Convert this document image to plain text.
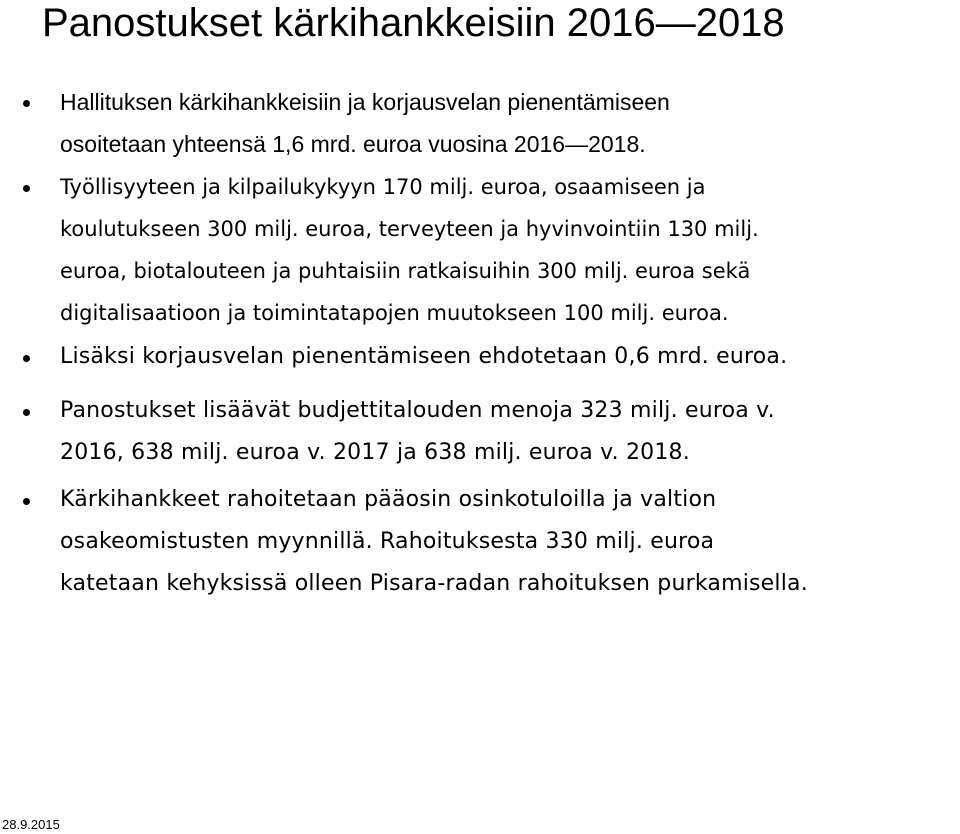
Panostukset kärkihankkeisiin 2016—2018
Hallituksen kärkihankkeisiin ja korjausvelan pienentämiseen
osoitetaan yhteensä 1,6 mrd. euroa vuosina 2016—2018.
Työllisyyteen ja kilpailukykyyn 170 milj. euroa, osaamiseen ja
koulutukseen 300 milj. euroa, terveyteen ja hyvinvointiin 130 milj.
euroa, biotalouteen ja puhtaisiin ratkaisuihin 300 milj. euroa sekä
digitalisaatioon ja toimintatapojen muutokseen 100 milj. euroa.
Lisäksi korjausvelan pienentämiseen ehdotetaan 0,6 mrd. euroa.
Panostukset lisäävät budjettitalouden menoja 323 milj. euroa v.
2016, 638 milj. euroa v. 2017 ja 638 milj. euroa v. 2018.
Kärkihankkeet rahoitetaan pääosin osinkotuloilla ja valtion
osakeomistusten myynnillä. Rahoituksesta 330 milj. euroa
katetaan kehyksissä olleen Pisara-radan rahoituksen purkamisella.
28.9.2015
